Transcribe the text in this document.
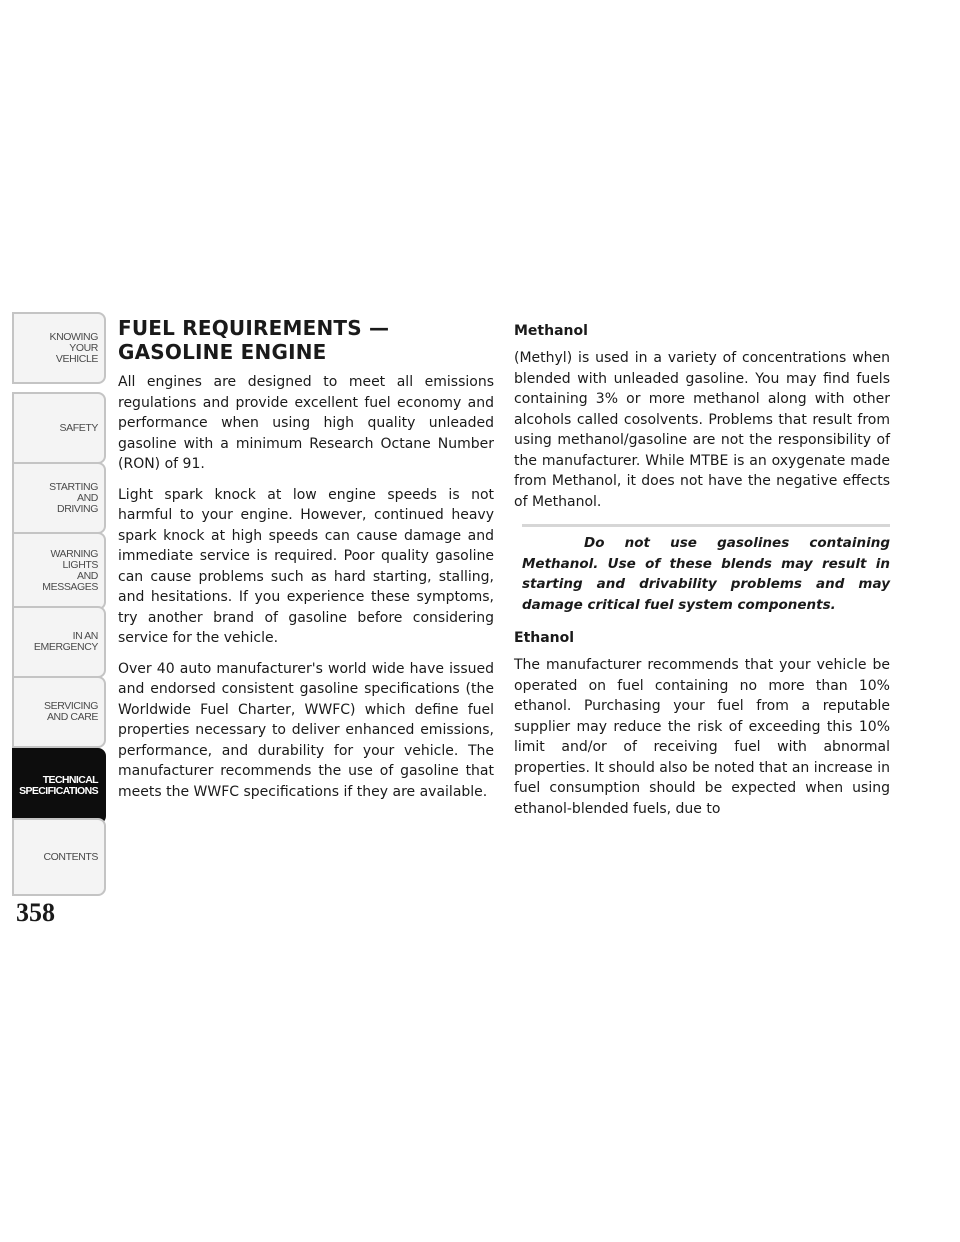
KNOWING
YOUR
VEHICLE
SAFETY
STARTING
AND
DRIVING
WARNING
LIGHTS
AND
MESSAGES
IN AN
EMERGENCY
SERVICING
AND CARE
TECHNICAL
SPECIFICATIONS
CONTENTS
358
FUEL REQUIREMENTS — GASOLINE ENGINE

All engines are designed to meet all emissions regulations and provide excellent fuel economy and performance when using high quality unleaded gasoline with a minimum Research Octane Number (RON) of 91.

Light spark knock at low engine speeds is not harmful to your engine. However, continued heavy spark knock at high speeds can cause damage and immediate service is required. Poor quality gasoline can cause problems such as hard starting, stalling, and hesitations. If you experience these symptoms, try another brand of gasoline before considering service for the vehicle.

Over 40 auto manufacturer's world wide have issued and endorsed consistent gasoline specifications (the Worldwide Fuel Charter, WWFC) which define fuel properties necessary to deliver enhanced emissions, performance, and durability for your vehicle. The manufacturer recommends the use of gasoline that meets the WWFC specifications if they are available.

Methanol

(Methyl) is used in a variety of concentrations when blended with unleaded gasoline. You may find fuels containing 3% or more methanol along with other alcohols called cosolvents. Problems that result from using methanol/gasoline are not the responsibility of the manufacturer. While MTBE is an oxygenate made from Methanol, it does not have the negative effects of Methanol.

Do not use gasolines containing Methanol. Use of these blends may result in starting and drivability problems and may damage critical fuel system components.
Ethanol

The manufacturer recommends that your vehicle be operated on fuel containing no more than 10% ethanol. Purchasing your fuel from a reputable supplier may reduce the risk of exceeding this 10% limit and/or of receiving fuel with abnormal properties. It should also be noted that an increase in fuel consumption should be expected when using ethanol-blended fuels, due to
